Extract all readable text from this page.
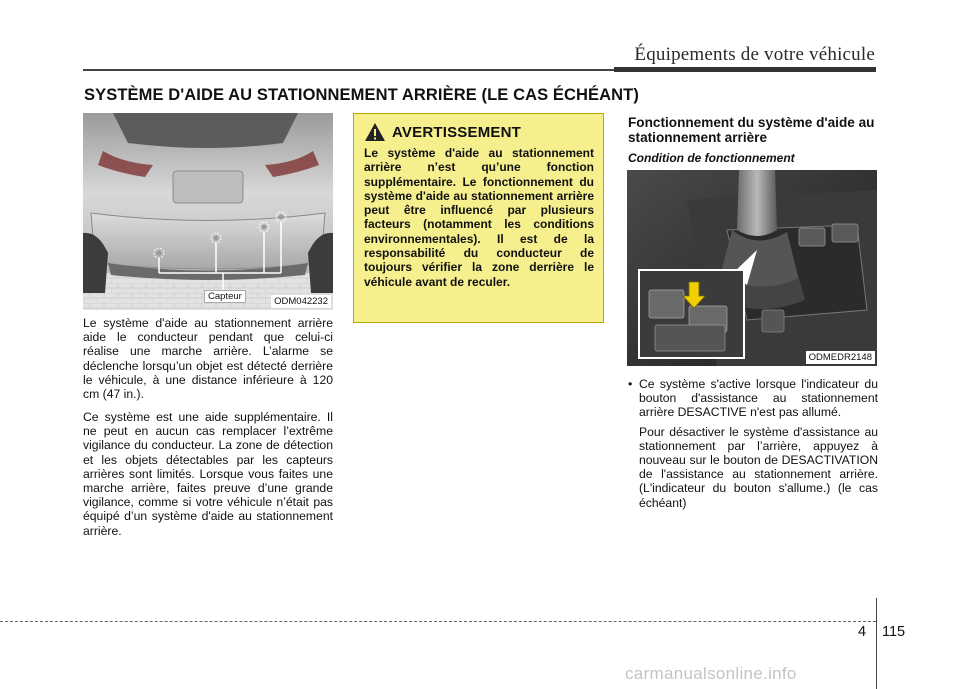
Équipements de votre véhicule
SYSTÈME D'AIDE AU STATIONNEMENT ARRIÈRE (LE CAS ÉCHÉANT)
Capteur	ODM042232

Le système d'aide au stationnement arrière aide le conducteur pendant que celui-ci réalise une marche arrière. L’alarme se déclenche lorsqu’un objet est détecté derrière le véhicule, à une distance inférieure à 120 cm (47 in.).

Ce système est une aide supplémentaire. Il ne peut en aucun cas remplacer l’extrême vigilance du conducteur. La zone de détection et les objets détectables par les capteurs arrières sont limités. Lorsque vous faites une marche arrière, faites preuve d’une grande vigilance, comme si votre véhicule n’était pas équipé d’un système d'aide au stationnement arrière.

AVERTISSEMENT

Le système d'aide au stationnement arrière n’est qu’une fonction supplémentaire. Le fonctionnement du système d'aide au stationnement arrière peut être influencé par plusieurs facteurs (notamment les conditions environnementales). Il est de la responsabilité du conducteur de toujours vérifier la zone derrière le véhicule avant de reculer.

Fonctionnement du système d'aide au stationnement arrière
Condition de fonctionnement
ODMEDR2148
• Ce système s'active lorsque l'indicateur du bouton d'assistance au stationnement arrière DESACTIVE n'est pas allumé.

Pour désactiver le système d'assistance au stationnement par l’arrière, appuyez à nouveau sur le bouton de DESACTIVATION de l'assistance au stationnement arrière. (L'indicateur du bouton s'allume.) (le cas échéant)

4 115
carmanualsonline.info
